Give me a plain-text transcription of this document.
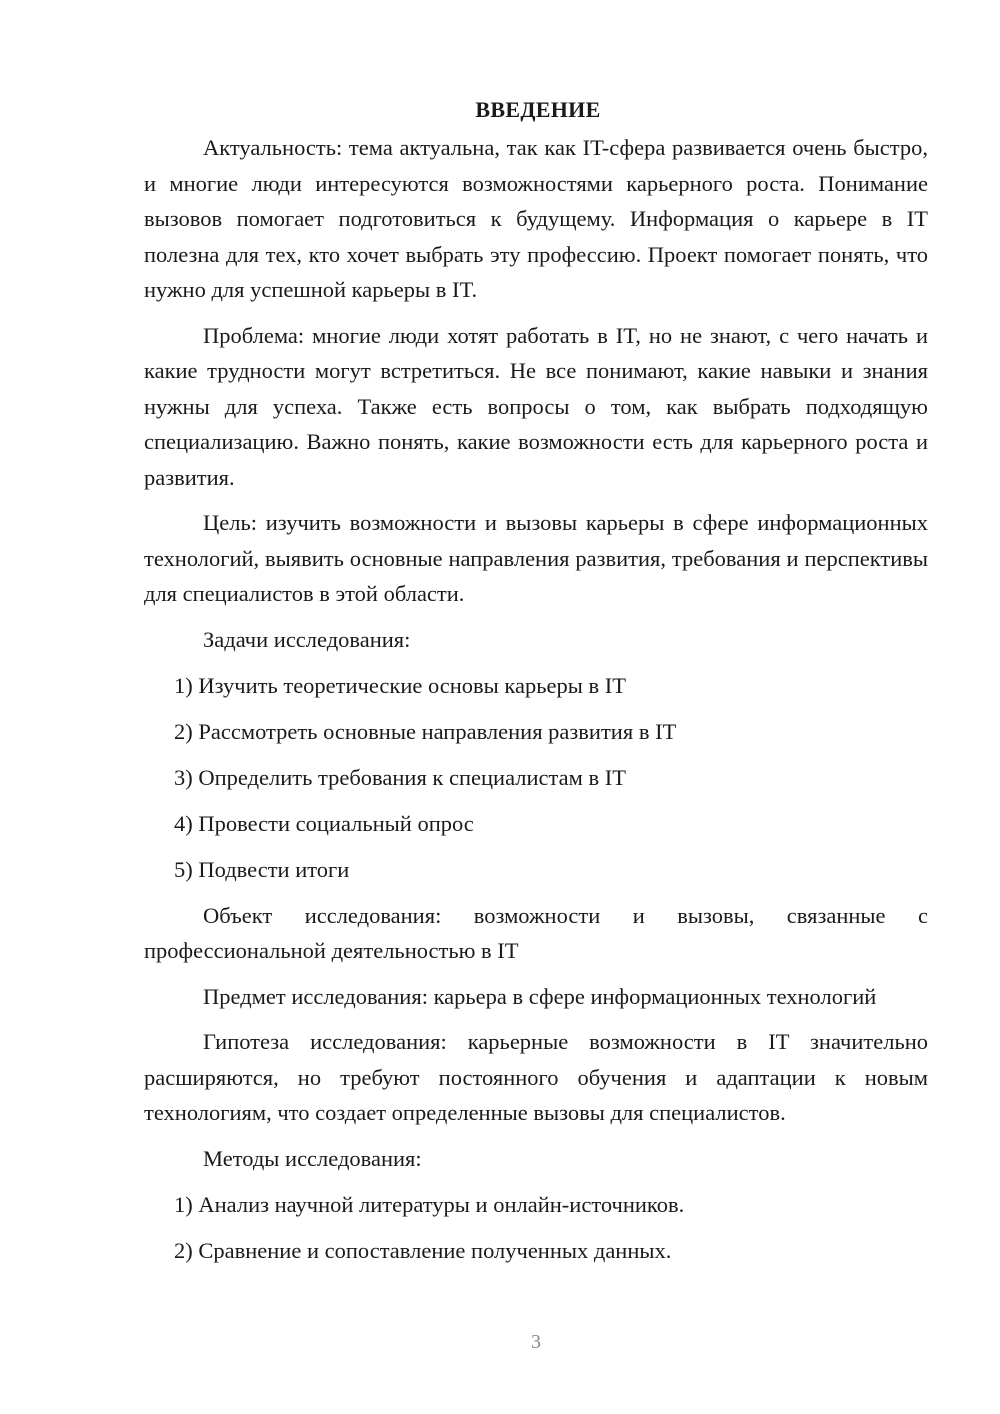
ВВЕДЕНИЕ

Актуальность: тема актуальна, так как IT-сфера развивается очень быстро, и многие люди интересуются возможностями карьерного роста. Понимание вызовов помогает подготовиться к будущему. Информация о карьере в IT полезна для тех, кто хочет выбрать эту профессию. Проект помогает понять, что нужно для успешной карьеры в IT.

Проблема: многие люди хотят работать в IT, но не знают, с чего начать и какие трудности могут встретиться. Не все понимают, какие навыки и знания нужны для успеха. Также есть вопросы о том, как выбрать подходящую специализацию. Важно понять, какие возможности есть для карьерного роста и развития.

Цель: изучить возможности и вызовы карьеры в сфере информационных технологий, выявить основные направления развития, требования и перспективы для специалистов в этой области.

Задачи исследования:

1) Изучить теоретические основы карьеры в IT

2) Рассмотреть основные направления развития в IT

3) Определить требования к специалистам в IT

4) Провести социальный опрос

5) Подвести итоги

Объект исследования: возможности и вызовы, связанные с профессиональной деятельностью в IT

Предмет исследования: карьера в сфере информационных технологий

Гипотеза исследования: карьерные возможности в IT значительно расширяются, но требуют постоянного обучения и адаптации к новым технологиям, что создает определенные вызовы для специалистов.

Методы исследования:

1) Анализ научной литературы и онлайн-источников.

2) Сравнение и сопоставление полученных данных.

3
